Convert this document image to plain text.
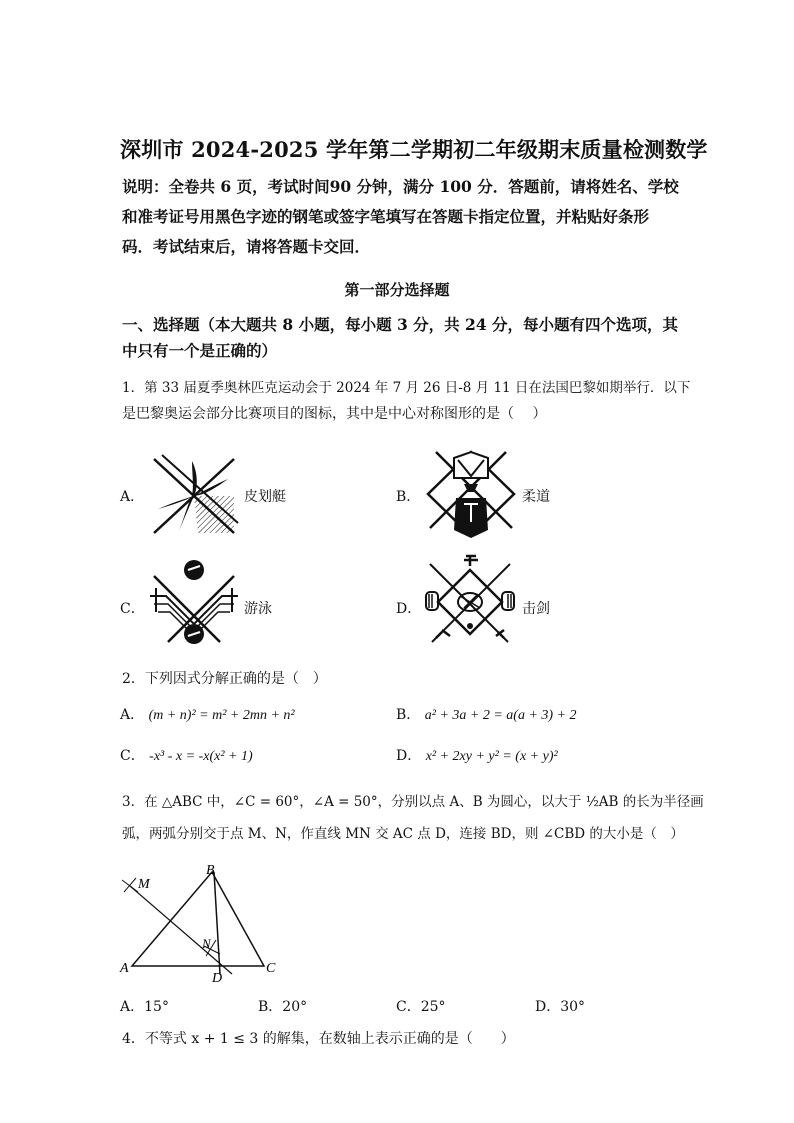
深圳市 2024-2025 学年第二学期初二年级期末质量检测数学
说明：全卷共 6 页，考试时间90 分钟，满分 100 分．答题前，请将姓名、学校
和准考证号用黑色字迹的钢笔或签字笔填写在答题卡指定位置，并粘贴好条形
码．考试结束后，请将答题卡交回．
第一部分选择题
一、选择题（本大题共 8 小题，每小题 3 分，共 24 分，每小题有四个选项，其
中只有一个是正确的）
1．第 33 届夏季奥林匹克运动会于 2024 年 7 月 26 日-8 月 11 日在法国巴黎如期举行．以下
是巴黎奥运会部分比赛项目的图标，其中是中心对称图形的是（　 ）
A．	皮划艇	B．	柔道
C．	游泳	D．	击剑
2．下列因式分解正确的是（　）
A． (m + n)² = m² + 2mn + n²	B． a² + 3a + 2 = a(a + 3) + 2
C． -x³ - x = -x(x² + 1)	D． x² + 2xy + y² = (x + y)²
3．在 △ABC 中，∠C = 60°，∠A = 50°，分别以点 A、B 为圆心，以大于 ½AB 的长为半径画
弧，两弧分别交于点 M、N，作直线 MN 交 AC 点 D，连接 BD，则 ∠CBD 的大小是（　）
M
B
N
A
D
C
A．15°	B．20°	C．25°	D．30°
4．不等式 x + 1 ≤ 3 的解集，在数轴上表示正确的是（　　）
